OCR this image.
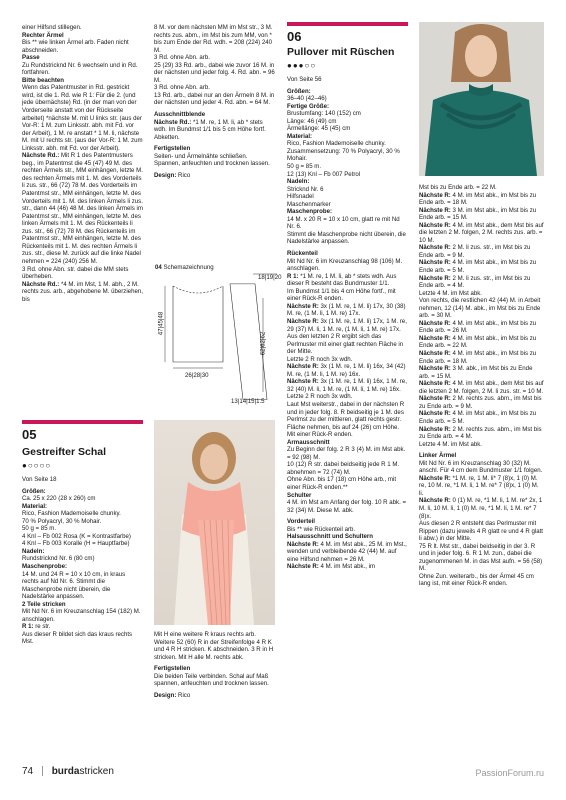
einer Hilfsnd stillegen.

Rechter Ärmel

Bis ** wie linken Ärmel arb. Faden nicht abschneiden.

Passe

Zu Rundstricknd Nr. 6 wechseln und in Rd. fortfahren.

Bitte beachten

Wenn das Patentmuster in Rd. gestrickt wird, ist die 1. Rd. wie R 1: Für die 2. (und jede übernächste) Rd. (in der man von der Vorderseite anstatt von der Rückseite arbeitet) *nächste M. mit U links str. (aus der Vor-R: 1 M. zum Linksstr. abh. mit Fd. vor der Arbeit), 1 M. re anstatt * 1 M. li, nächste M. mit U rechts str. (aus der Vor-R: 1 M. zum Linksstr. abh. mit Fd. vor der Arbeit).

Nächste Rd.: Mit R 1 des Patentmusters beg., im Patentmst die 45 (47) 49 M. des rechten Ärmels str., MM einhängen, letzte M. des rechten Ärmels mit 1. M. des Vorderteils li zus. str., 66 (72) 78 M. des Vorderteils im Patentmst str., MM einhängen, letzte M. des Vorderteils mit 1. M. des linken Ärmels li zus. str., dann 44 (46) 48 M. des linken Ärmels im Patentmst str., MM einhängen, letzte M. des linken Ärmels mit 1. M. des Rückenteils li zus. str., 66 (72) 78 M. des Rückenteils im Patentmst str., MM einhängen, letzte M. des Rückenteils mit 1. M. des rechten Ärmels li zus. str., diese M. zurück auf die linke Nadel nehmen = 224 (240) 256 M.

3 Rd. ohne Abn. str. dabei die MM stets überheben.

Nächste Rd.: *4 M. im Mst, 1 M. abh., 2 M. rechts zus. arb., abgehobene M. überziehen, bis

8 M. vor dem nächsten MM im Mst str., 3 M. rechts zus. abm., im Mst bis zum MM, von * bis zum Ende der Rd. wdh. = 208 (224) 240 M.

3 Rd. ohne Abn. arb.

25 (29) 33 Rd. arb., dabei wie zuvor 16 M. in der nächsten und jeder folg. 4. Rd. abn. = 96 M.

3 Rd. ohne Abn. arb.

13 Rd. arb., dabei nur an den Ärmeln 8 M. in der nächsten und jeder 4. Rd. abn. = 64 M.

Ausschnittblende

Nächste Rd.: *1 M. re, 1 M. li, ab * stets wdh. Im Bundmst 1/1 bis 5 cm Höhe fortf. Abketten.

Fertigstellen

Seiten- und Ärmelnähte schließen. Spannen, anfeuchten und trocknen lassen.

Design: Rico

04 Schemazeichnung
18|19|20
47|45|48
62|62|62
26|28|30
13|14|15|1.5
05
Gestreifter Schal
●○○○○

Von Seite 18

Größen:

Ca. 25 x 220 (28 x 260) cm

Material:

Rico, Fashion Mademoiselle chunky.

70 % Polyacryl, 30 % Mohair.

50 g = 85 m.

4 Knl – Fb 002 Rosa (K = Kontrastfarbe)

4 Knl – Fb 003 Koralle (H = Hauptfarbe)

Nadeln:

Rundstricknd Nr. 6 (80 cm)

Maschenprobe:

14 M. und 24 R = 10 x 10 cm, in kraus rechts auf Nd Nr. 6. Stimmt die Maschenprobe nicht überein, die Nadelstärke anpassen.

2 Teile stricken

Mit Nd Nr. 6 im Kreuzanschlag 154 (182) M. anschlagen.

R 1: re str.

Aus dieser R bildet sich das kraus rechts Mst.

Mit H eine weitere R kraus rechts arb. Weitere 52 (60) R in der Streifenfolge 4 R K und 4 R H stricken. K abschneiden. 3 R in H stricken. Mit H alle M. rechts abk.

Fertigstellen

Die beiden Teile verbinden. Schal auf Maß spannen, anfeuchten und trocknen lassen.

Design: Rico

06
Pullover mit Rüschen
●●●○○

Von Seite 56

Größen:

36–40 (42–46)

Fertige Größe:

Brustumfang: 140 (152) cm

Länge: 46 (49) cm

Ärmellänge: 45 (45) cm

Material:

Rico, Fashion Mademoiselle chunky.

Zusammensetzung: 70 % Polyacryl, 30 % Mohair.

50 g = 85 m.

12 (13) Knl – Fb 007 Petrol

Nadeln:

Stricknd Nr. 6

Hilfsnadel

Maschenmarker

Maschenprobe:

14 M. x 20 R = 10 x 10 cm, glatt re mit Nd Nr. 6.

Stimmt die Maschenprobe nicht überein, die Nadelstärke anpassen.

Rückenteil

Mit Nd Nr. 6 im Kreuzanschlag 98 (106) M. anschlagen.

R 1: *1 M. re, 1 M. li, ab * stets wdh. Aus dieser R besteht das Bundmuster 1/1.

Im Bundmst 1/1 bis 4 cm Höhe fortf., mit einer Rück-R enden.

Nächste R: 3x (1 M. re, 1 M. li) 17x, 30 (38) M. re, (1 M. li, 1 M. re) 17x.

Nächste R: 3x (1 M. re, 1 M. li) 17x, 1 M. re, 29 (37) M. li, 1 M. re, (1 M. li, 1 M. re) 17x. Aus den letzten 2 R ergibt sich das Perlmuster mit einer glatt rechten Fläche in der Mitte.

Letzte 2 R noch 3x wdh.

Nächste R: 3x (1 M. re, 1 M. li) 16x, 34 (42) M. re, (1 M. li, 1 M. re) 16x.

Nächste R: 3x (1 M. re, 1 M. li) 16x, 1 M. re, 32 (40) M. li, 1 M. re, (1 M. li, 1 M. re) 16x.

Letzte 2 R noch 3x wdh.

Laut Mst weiterstr., dabei in der nächsten R und in jeder folg. 8. R beidseitig je 1 M. des Perlmst zu der mittleren, glatt rechts gestr. Fläche nehmen, bis auf 24 (26) cm Höhe. Mit einer Rück-R enden.

Armausschnitt

Zu Beginn der folg. 2 R 3 (4) M. im Mst abk. = 92 (98) M.

10 (12) R str. dabei beidseitig jede R 1 M. abnehmen = 72 (74) M.

Ohne Abn. bis 17 (18) cm Höhe arb., mit einer Rück-R enden.**

Schulter

4 M. im Mst am Anfang der folg. 10 R abk. = 32 (34) M. Diese M. abk.

Vorderteil

Bis ** wie Rückenteil arb.

Halsausschnitt und Schultern

Nächste R: 4 M. im Mst abk., 25 M. im Mst., wenden und verbleibende 42 (44) M. auf eine Hilfsnd nehmen = 26 M.

Nächste R: 4 M. im Mst abk., im

Mst bis zu Ende arb. = 22 M.

Nächste R: 4 M. im Mst abk., im Mst bis zu Ende arb. = 18 M.

Nächste R: 3 M. im Mst abk., im Mst bis zu Ende arb. = 15 M.

Nächste R: 4 M. im Mst abk., dem Mst bis auf die letzten 2 M. folgen, 2 M. rechts zus. arb. = 10 M.

Nächste R: 2 M. li zus. str., im Mst bis zu Ende arb. = 9 M.

Nächste R: 4 M. im Mst abk., im Mst bis zu Ende arb. = 5 M.

Nächste R: 2 M. li zus. str., im Mst bis zu Ende arb. = 4 M.

Letzte 4 M. im Mst abk.

Von rechts, die restlichen 42 (44) M. in Arbeit nehmen, 12 (14) M. abk., im Mst bis zu Ende arb. = 30 M.

Nächste R: 4 M. im Mst abk., im Mst bis zu Ende arb. = 26 M.

Nächste R: 4 M. im Mst abk., im Mst bis zu Ende arb. = 22 M.

Nächste R: 4 M. im Mst abk., im Mst bis zu Ende arb. = 18 M.

Nächste R: 3 M. abk., im Mst bis zu Ende arb. = 15 M.

Nächste R: 4 M. im Mst abk., dem Mst bis auf die letzten 2 M. folgen, 2 M. li zus. str. = 10 M.

Nächste R: 2 M. rechts zus. abm., im Mst bis zu Ende arb. = 9 M.

Nächste R: 4 M. im Mst abk., im Mst bis zu Ende arb. = 5 M.

Nächste R: 2 M. rechts zus. abm., im Mst bis zu Ende arb. = 4 M.

Letzte 4 M. im Mst abk.

Linker Ärmel

Mit Nd Nr. 6 im Kreuzanschlag 30 (32) M. anschl. Für 4 cm dem Bundmuster 1/1 folgen.

Nächste R: *1 M. re, 1 M. li* 7 (8)x, 1 (0) M. re, 10 M. re, *1 M. li, 1 M. re* 7 (8)x, 1 (0) M. li.

Nächste R: 0 (1) M. re, *1 M. li, 1 M. re* 2x, 1 M. li, 10 M. li, 1 (0) M. re, *1 M. li, 1 M. re* 7 (8)x.

Aus diesen 2 R entsteht das Perlmuster mit Rippen (dazu jeweils 4 R glatt re und 4 R glatt li abw.) in der Mitte.

75 R lt. Mst str., dabei beidseitig in der 3. R und in jeder folg. 6. R 1 M. zun., dabei die zugenommenen M. in das Mst aufn. = 56 (58) M.

Ohne Zun. weiterarb., bis der Ärmel 45 cm lang ist, mit einer Rück-R enden.

74 burdastricken	PassionForum.ru
